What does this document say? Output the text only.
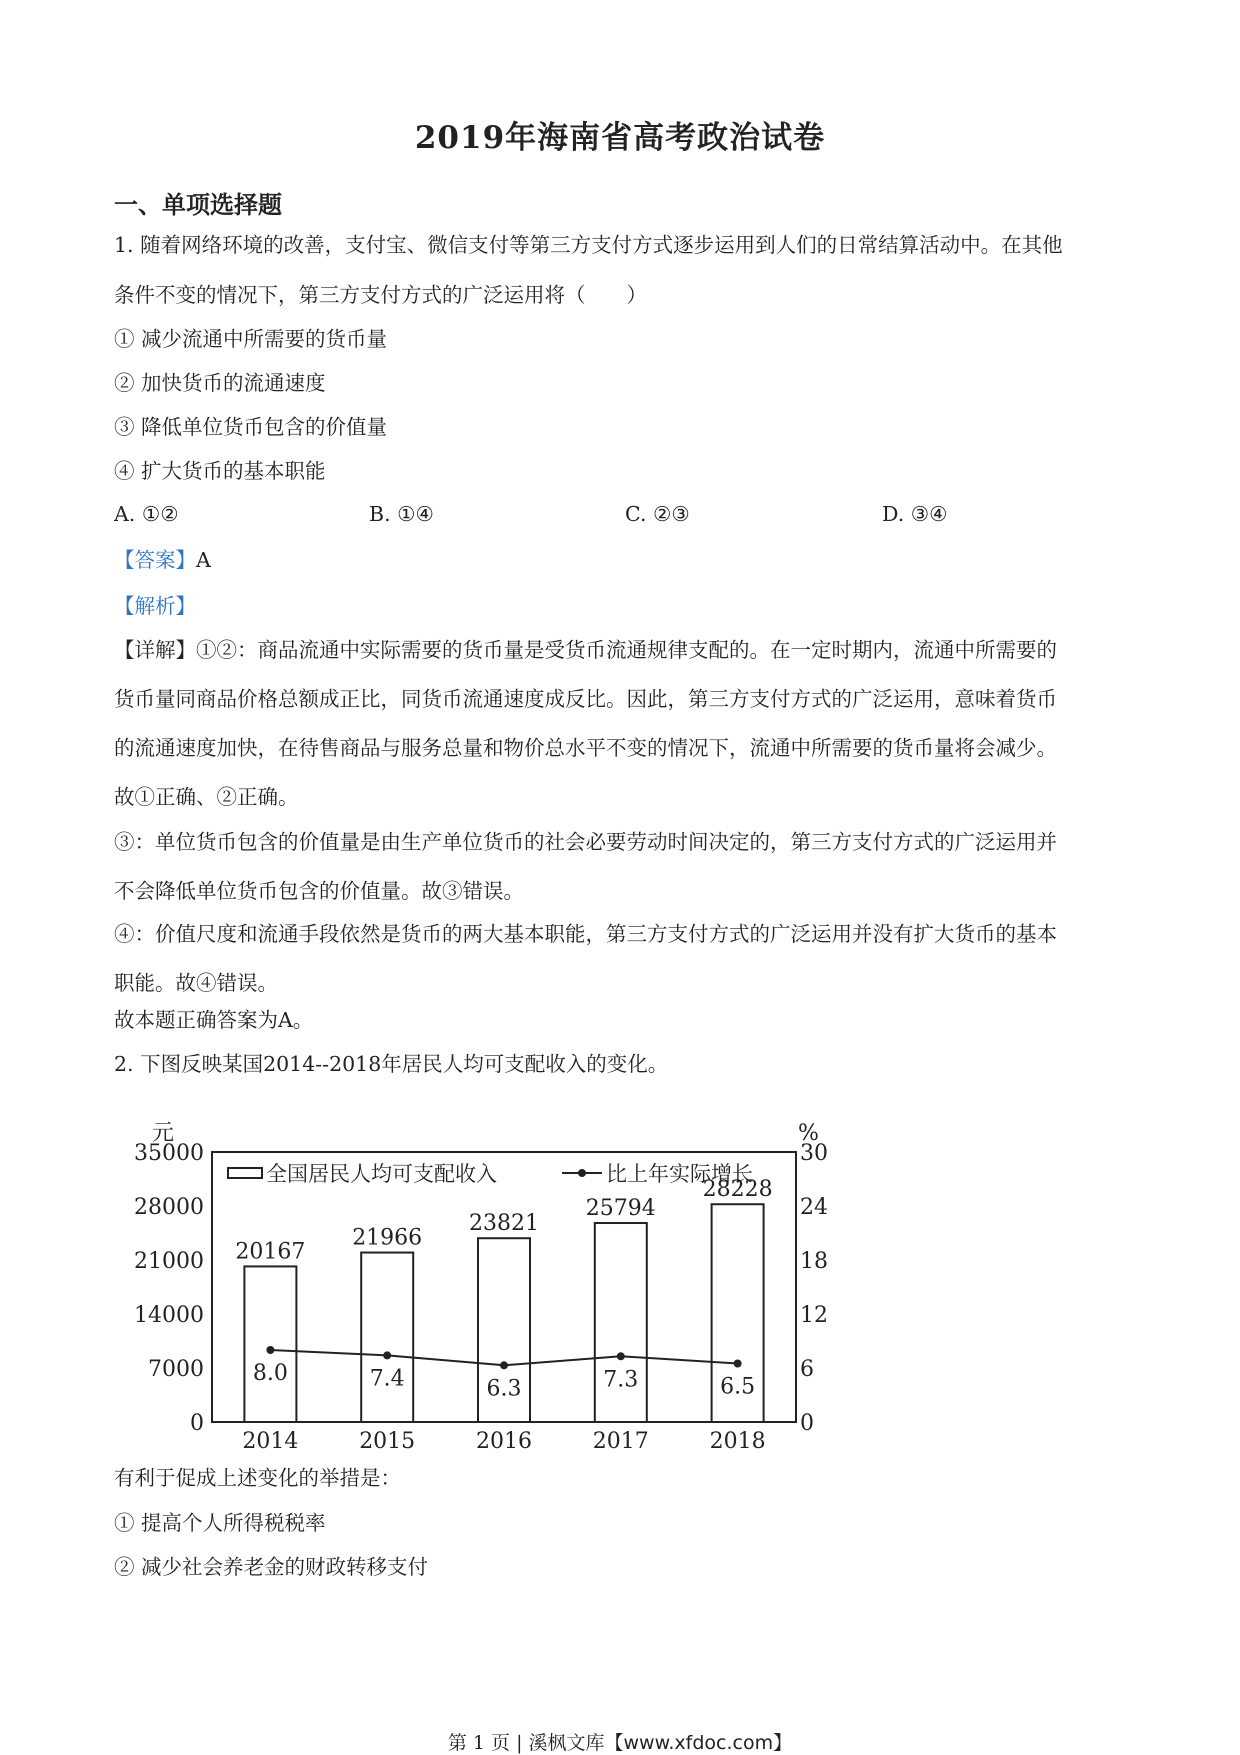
2019年海南省高考政治试卷
一、单项选择题
1. 随着网络环境的改善，支付宝、微信支付等第三方支付方式逐步运用到人们的日常结算活动中。在其他
条件不变的情况下，第三方支付方式的广泛运用将（　　）
① 减少流通中所需要的货币量
② 加快货币的流通速度
③ 降低单位货币包含的价值量
④ 扩大货币的基本职能
A. ①②	B. ①④	C. ②③	D. ③④
【答案】A
【解析】
【详解】①②：商品流通中实际需要的货币量是受货币流通规律支配的。在一定时期内，流通中所需要的
货币量同商品价格总额成正比，同货币流通速度成反比。因此，第三方支付方式的广泛运用，意味着货币
的流通速度加快，在待售商品与服务总量和物价总水平不变的情况下，流通中所需要的货币量将会减少。
故①正确、②正确。
③：单位货币包含的价值量是由生产单位货币的社会必要劳动时间决定的，第三方支付方式的广泛运用并
不会降低单位货币包含的价值量。故③错误。
④：价值尺度和流通手段依然是货币的两大基本职能，第三方支付方式的广泛运用并没有扩大货币的基本
职能。故④错误。
故本题正确答案为A。
2. 下图反映某国2014--2018年居民人均可支配收入的变化。
元	%
0
7000
14000
21000
28000
35000
0
6
12
18
24
30
20167
2014
21966
2015
23821
2016
25794
2017
28228
2018
8.0	7.4	6.3	7.3	6.5
全国居民人均可支配收入	比上年实际增长
有利于促成上述变化的举措是：
① 提高个人所得税税率
② 减少社会养老金的财政转移支付
第 1 页 | 溪枫文库【www.xfdoc.com】
